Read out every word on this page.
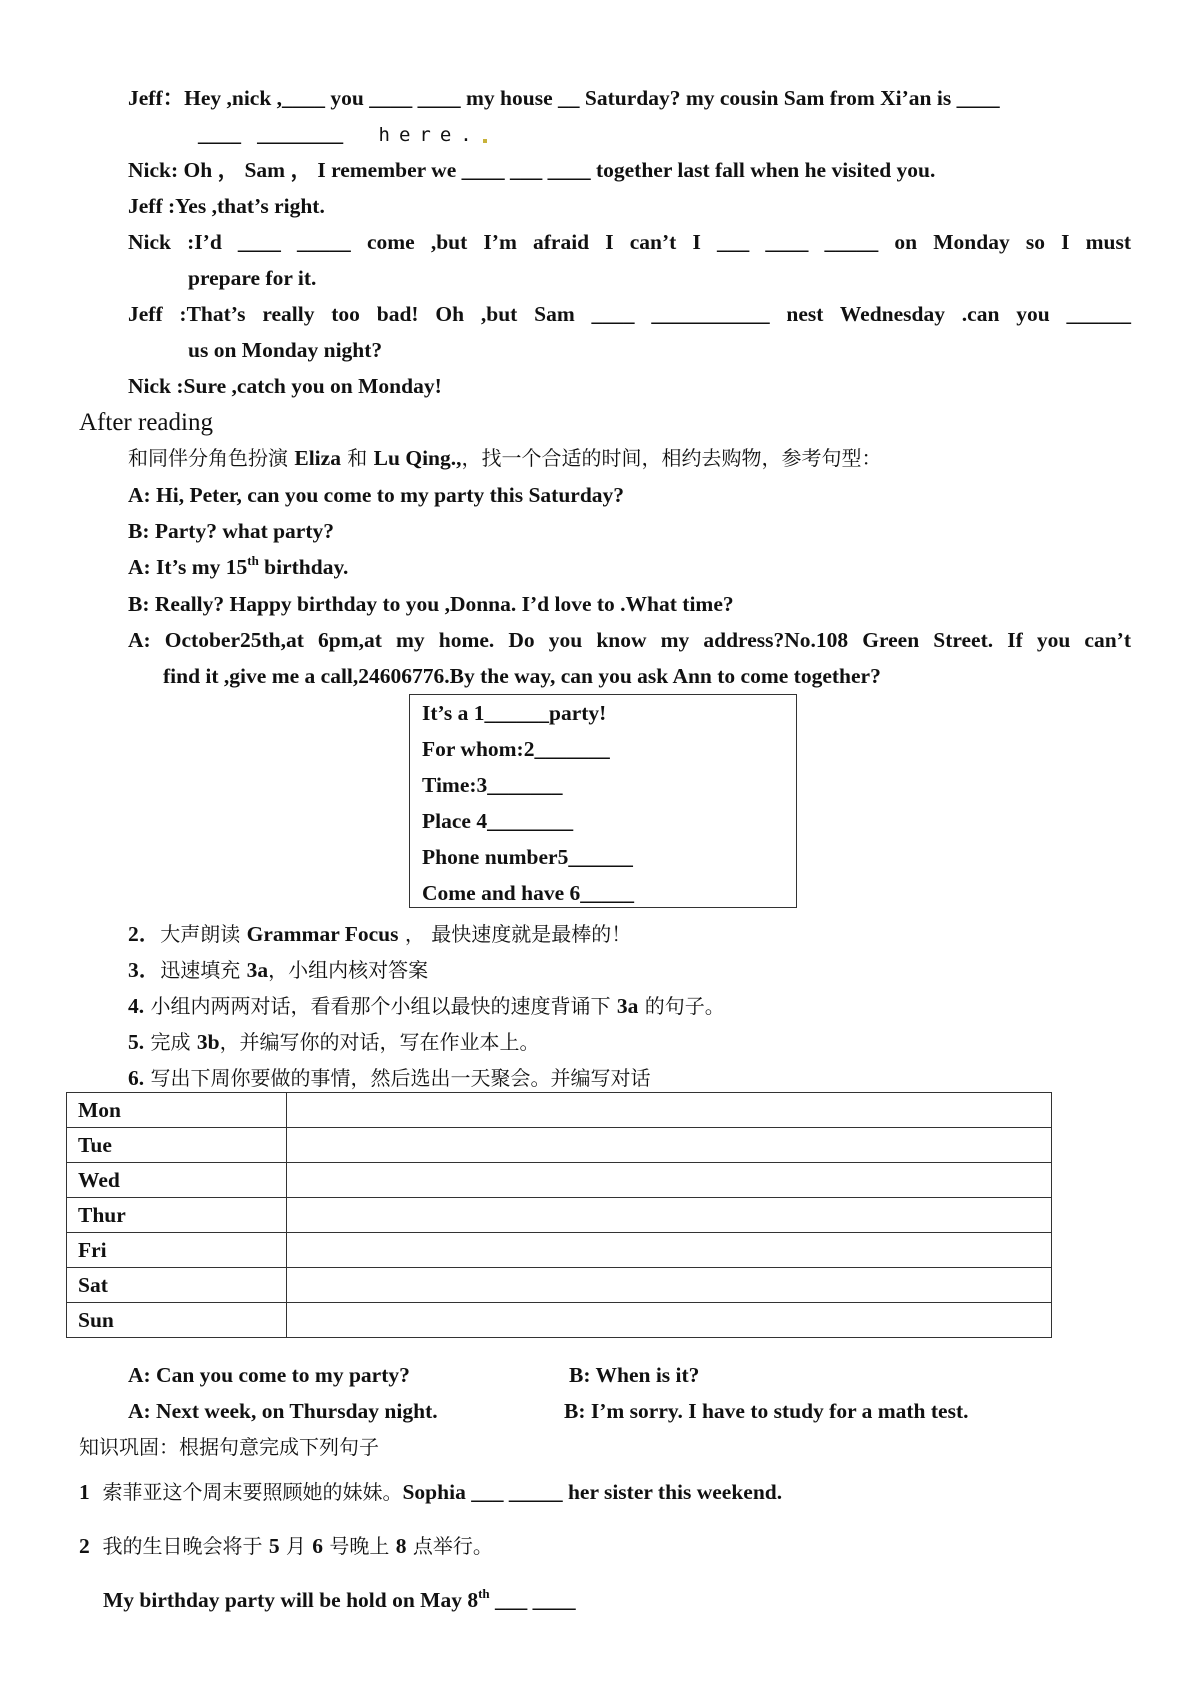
Jeff：Hey ,nick ,____ you ____ ____ my house __ Saturday? my cousin Sam from Xi’an is ____
____   ________ here.
Nick: Oh ， Sam ， I remember we ____ ___ ____ together last fall when he visited you.
Jeff :Yes ,that’s right.
Nick :I’d ____ _____ come ,but I’m afraid I can’t I ___ ____ _____ on Monday so I must
prepare for it.
Jeff :That’s really too bad! Oh ,but Sam ____ ___________ nest Wednesday .can you ______
us on Monday night?
Nick :Sure ,catch you on Monday!
After reading
和同伴分角色扮演 Eliza 和 Lu Qing.,，找一个合适的时间，相约去购物，参考句型：
A: Hi, Peter, can you come to my party this Saturday?
B: Party? what party?
A: It’s my 15th birthday.
B: Really? Happy birthday to you ,Donna. I’d love to .What time?
A: October25th,at 6pm,at my home. Do you know my address?No.108 Green Street. If you can’t
find it ,give me a call,24606776.By the way, can you ask Ann to come together?
It’s a 1______party!
For whom:2_______
Time:3_______
Place 4________
Phone number5______
Come and have 6_____
2．大声朗读 Grammar Focus ， 最快速度就是最棒的！
3．迅速填充 3a，小组内核对答案
4. 小组内两两对话，看看那个小组以最快的速度背诵下 3a 的句子。
5. 完成 3b，并编写你的对话，写在作业本上。
6. 写出下周你要做的事情，然后选出一天聚会。并编写对话
Mon	
Tue	
Wed	
Thur	
Fri	
Sat	
Sun	
A: Can you come to my party?	B: When is it?
A: Next week, on Thursday night.	B: I’m sorry. I have to study for a math test.
知识巩固：根据句意完成下列句子
1  索菲亚这个周末要照顾她的妹妹。Sophia ___ _____ her sister this weekend.
2  我的生日晚会将于 5 月 6 号晚上 8 点举行。
My birthday party will be hold on May 8th ___ ____
